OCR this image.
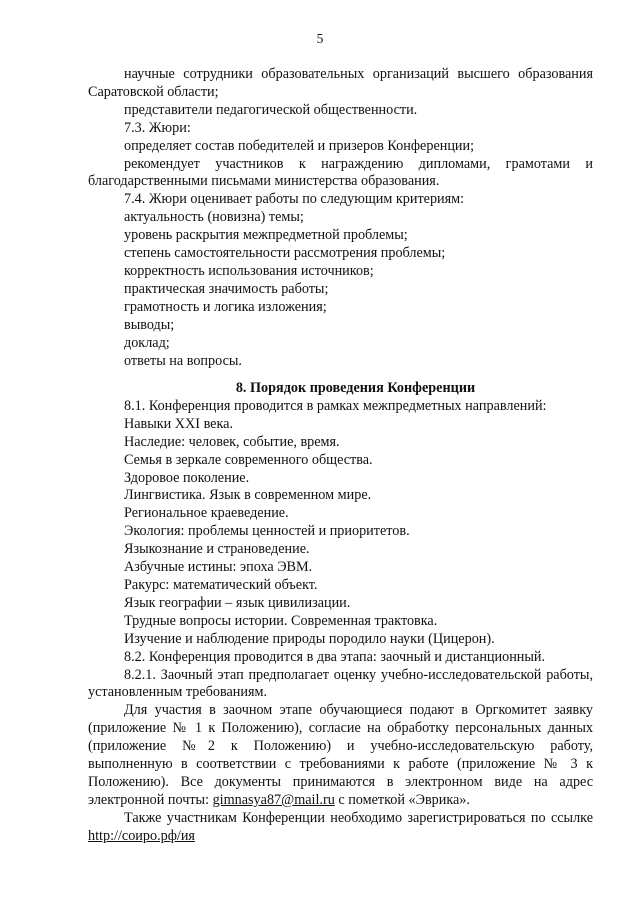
5
научные сотрудники образовательных организаций высшего образования Саратовской области;
представители педагогической общественности.
7.3. Жюри:
определяет состав победителей и призеров Конференции;
рекомендует участников к награждению дипломами, грамотами и благодарственными письмами министерства образования.
7.4. Жюри оценивает работы по следующим критериям:
актуальность (новизна) темы;
уровень раскрытия межпредметной проблемы;
степень самостоятельности рассмотрения проблемы;
корректность использования источников;
практическая значимость работы;
грамотность и логика изложения;
выводы;
доклад;
ответы на вопросы.
8. Порядок проведения Конференции
8.1. Конференция проводится в рамках межпредметных направлений:
Навыки XXI века.
Наследие: человек, событие, время.
Семья в зеркале современного общества.
Здоровое поколение.
Лингвистика. Язык в современном мире.
Региональное краеведение.
Экология: проблемы ценностей и приоритетов.
Языкознание и страноведение.
Азбучные истины: эпоха ЭВМ.
Ракурс: математический объект.
Язык географии – язык цивилизации.
Трудные вопросы истории. Современная трактовка.
Изучение и наблюдение природы породило науки (Цицерон).
8.2. Конференция проводится в два этапа: заочный и дистанционный.
8.2.1. Заочный этап предполагает оценку учебно-исследовательской работы, установленным требованиям.
Для участия в заочном этапе обучающиеся подают в Оргкомитет заявку (приложение № 1 к Положению), согласие на обработку персональных данных (приложение №2 к Положению) и учебно-исследовательскую работу, выполненную в соответствии с требованиями к работе (приложение № 3 к Положению). Все документы принимаются в электронном виде на адрес электронной почты: gimnasya87@mail.ru с пометкой «Эврика».
Также участникам Конференции необходимо зарегистрироваться по ссылке http://соиро.рф/ия
